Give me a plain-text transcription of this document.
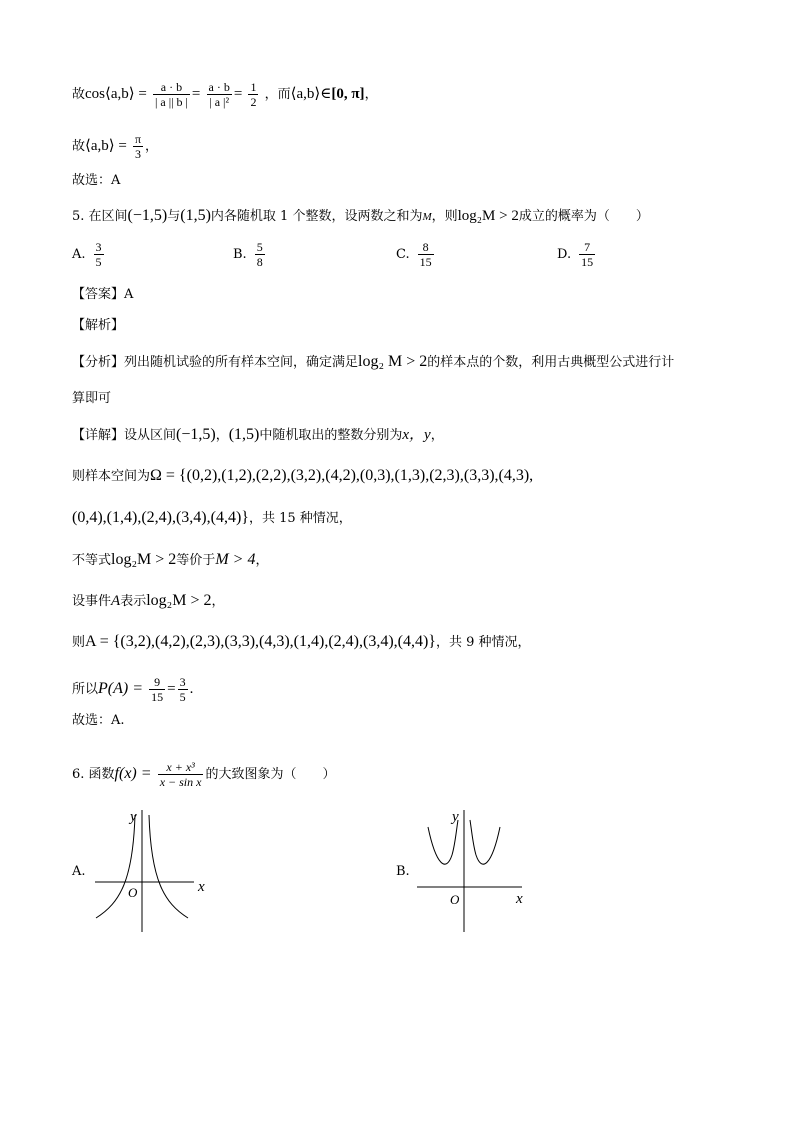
故cos⟨a,b⟩ = $\frac{a \cdot b}{| a || b |} = \frac{a \cdot b}{\text{| a |²}} = \frac{1}{2}$ ，而⟨a,b⟩∈[0, π]，
故⟨a,b⟩ = $\frac{\pi}{3}$ ，
故选：A
5. 在区间(−1,5)与(1,5)内各随机取 1 个整数，设两数之和为M，则log₂M > 2成立的概率为（　　）
A. $\frac{3}{5}$	B. $\frac{5}{8}$	C. $\frac{8}{15}$	D. $\frac{7}{15}$
【答案】A
【解析】
【分析】列出随机试验的所有样本空间，确定满足log₂ M > 2的样本点的个数，利用古典概型公式进行计
算即可
【详解】设从区间(−1,5)，(1,5)中随机取出的整数分别为x，y，
则样本空间为Ω = {(0,2),(1,2),(2,2),(3,2),(4,2),(0,3),(1,3),(2,3),(3,3),(4,3),
(0,4),(1,4),(2,4),(3,4),(4,4)}，共 15 种情况，
不等式log₂M > 2等价于M > 4，
设事件A表示log₂M > 2，
则A = {(3,2),(4,2),(2,3),(3,3),(4,3),(1,4),(2,4),(3,4),(4,4)}，共 9 种情况，
所以$P(A) = \frac{9}{15} = \frac{3}{5}$ .
故选：A.
6. 函数$f(x) = \frac{\text{x + x³}}{\text{x − sin x}}$ 的大致图象为（　　）
A.
x
y
O
B.
x
y
O
